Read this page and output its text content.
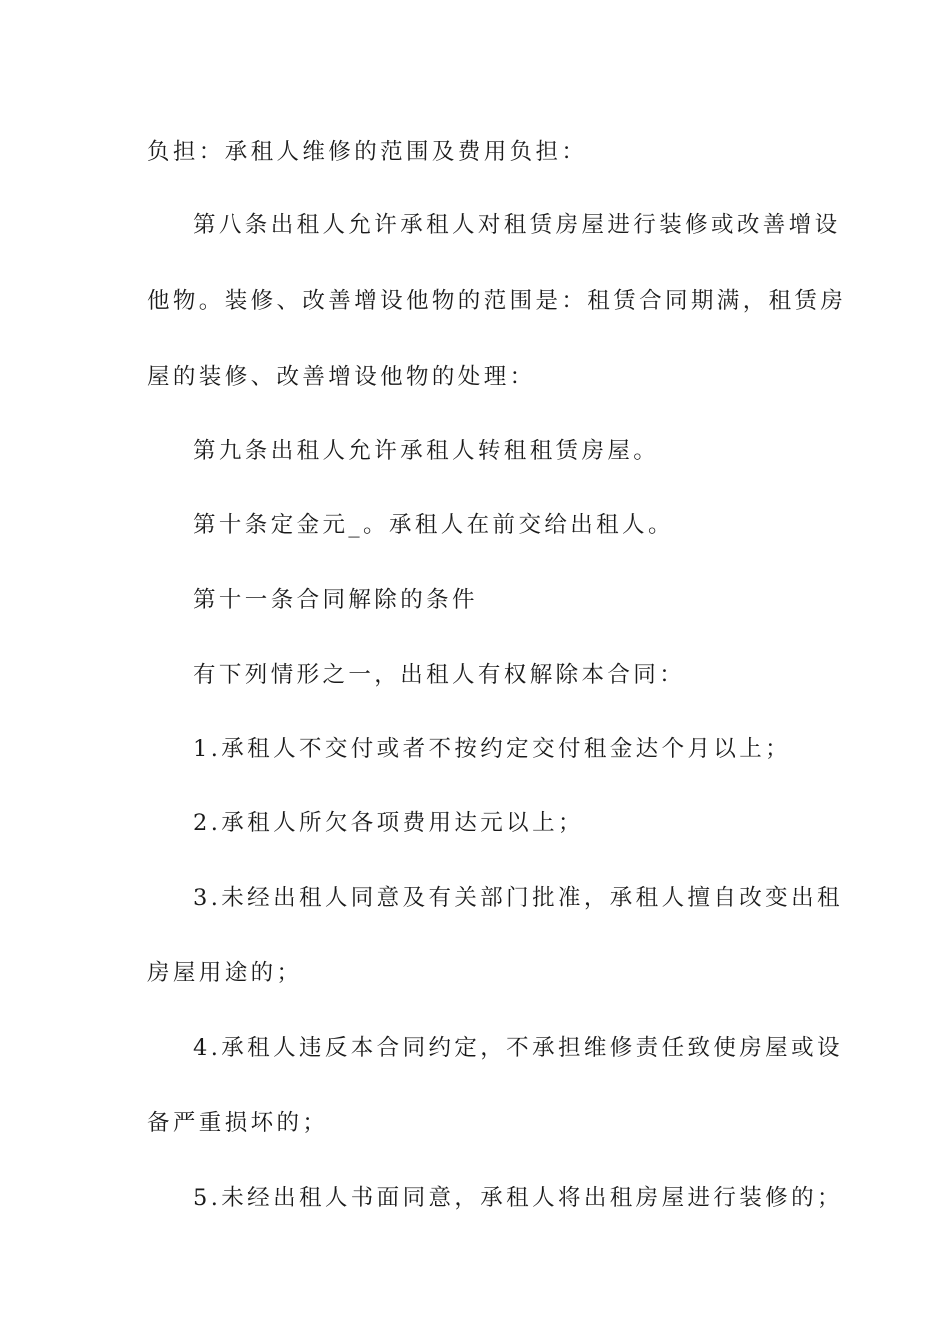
负担：承租人维修的范围及费用负担：
第八条出租人允许承租人对租赁房屋进行装修或改善增设
他物。装修、改善增设他物的范围是：租赁合同期满，租赁房
屋的装修、改善增设他物的处理：
第九条出租人允许承租人转租租赁房屋。
第十条定金元_。承租人在前交给出租人。
第十一条合同解除的条件
有下列情形之一，出租人有权解除本合同：
1.承租人不交付或者不按约定交付租金达个月以上；
2.承租人所欠各项费用达元以上；
3.未经出租人同意及有关部门批准，承租人擅自改变出租
房屋用途的；
4.承租人违反本合同约定，不承担维修责任致使房屋或设
备严重损坏的；
5.未经出租人书面同意，承租人将出租房屋进行装修的；
